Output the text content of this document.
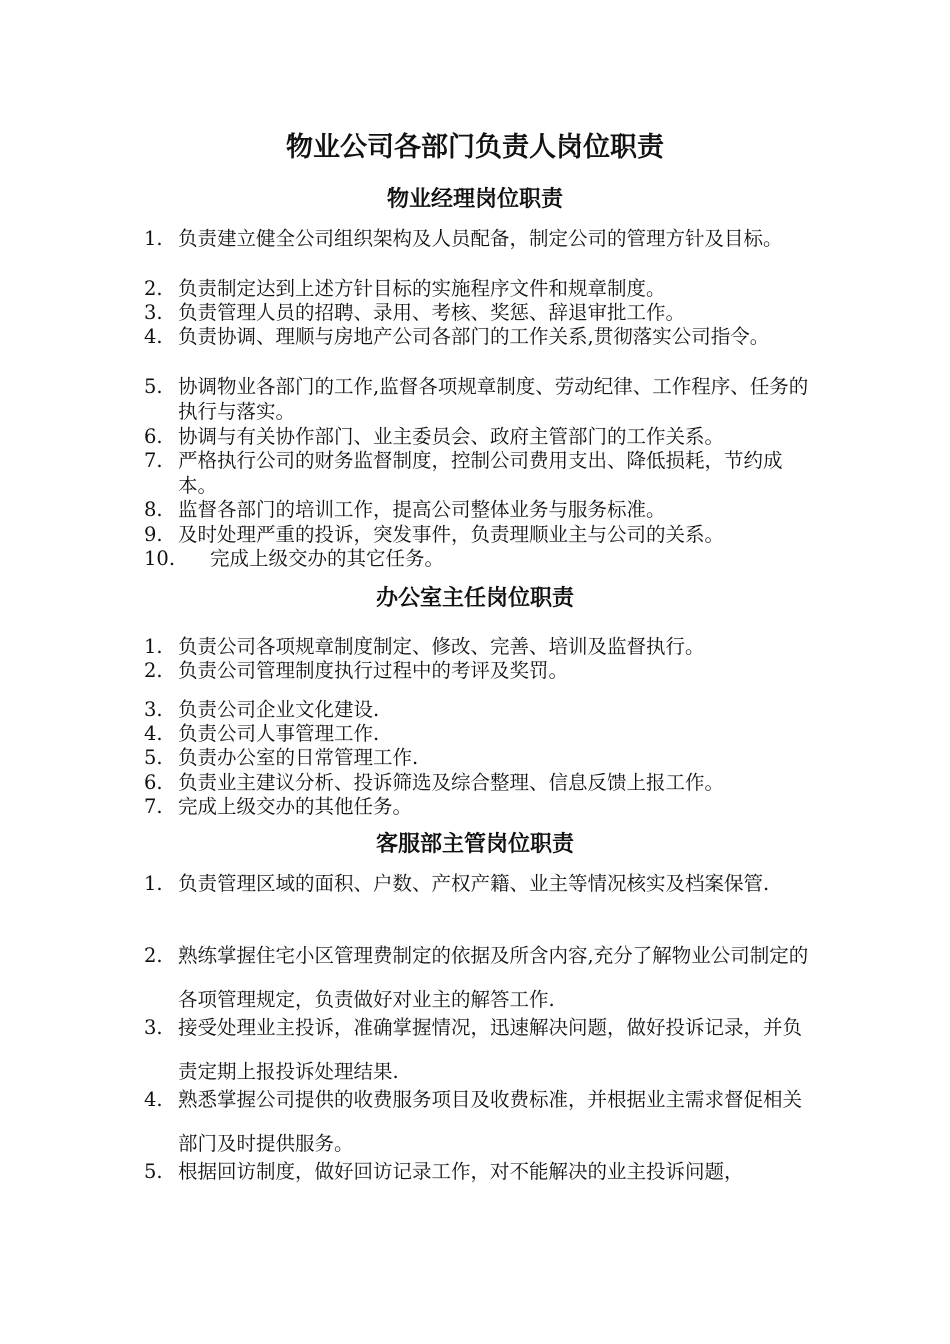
物业公司各部门负责人岗位职责
物业经理岗位职责
1. 负责建立健全公司组织架构及人员配备，制定公司的管理方针及目标。
2. 负责制定达到上述方针目标的实施程序文件和规章制度。
3. 负责管理人员的招聘、录用、考核、奖惩、辞退审批工作。
4. 负责协调、理顺与房地产公司各部门的工作关系,贯彻落实公司指令。
5. 协调物业各部门的工作,监督各项规章制度、劳动纪律、工作程序、任务的执行与落实。
6. 协调与有关协作部门、业主委员会、政府主管部门的工作关系。
7. 严格执行公司的财务监督制度，控制公司费用支出、降低损耗，节约成本。
8. 监督各部门的培训工作，提高公司整体业务与服务标准。
9. 及时处理严重的投诉，突发事件，负责理顺业主与公司的关系。
10. 完成上级交办的其它任务。
办公室主任岗位职责
1. 负责公司各项规章制度制定、修改、完善、培训及监督执行。
2. 负责公司管理制度执行过程中的考评及奖罚。
3. 负责公司企业文化建设.
4. 负责公司人事管理工作.
5. 负责办公室的日常管理工作.
6. 负责业主建议分析、投诉筛选及综合整理、信息反馈上报工作。
7. 完成上级交办的其他任务。
客服部主管岗位职责
1. 负责管理区域的面积、户数、产权产籍、业主等情况核实及档案保管.
2. 熟练掌握住宅小区管理费制定的依据及所含内容,充分了解物业公司制定的各项管理规定，负责做好对业主的解答工作.
3. 接受处理业主投诉，准确掌握情况，迅速解决问题，做好投诉记录，并负责定期上报投诉处理结果.
4. 熟悉掌握公司提供的收费服务项目及收费标准，并根据业主需求督促相关部门及时提供服务。
5. 根据回访制度，做好回访记录工作，对不能解决的业主投诉问题，
